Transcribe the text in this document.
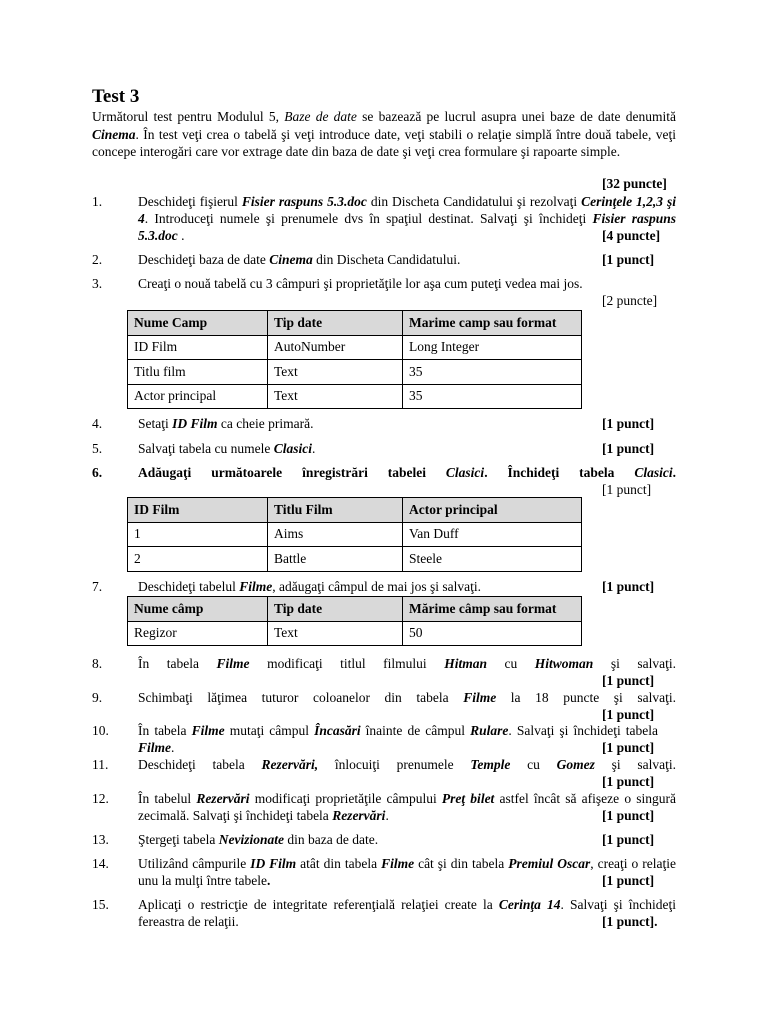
Test 3

Următorul test pentru Modulul 5, Baze de date se bazează pe lucrul asupra unei baze de date denumită Cinema. În test veţi crea o tabelă şi veţi introduce date, veţi stabili o relaţie simplă între două tabele, veţi concepe interogări care vor extrage date din baza de date şi veţi crea formulare şi rapoarte simple.

[32 puncte]
1.	Deschideţi fişierul Fisier raspuns 5.3.doc din Discheta Candidatului şi rezolvaţi Cerinţele 1,2,3 şi 4. Introduceţi numele şi prenumele dvs în spaţiul destinat. Salvaţi şi închideţi Fisier raspuns 5.3.doc .	[4 puncte]
2.	Deschideţi baza de date Cinema din Discheta Candidatului.	[1 punct]
3.	Creaţi o nouă tabelă cu 3 câmpuri şi proprietăţile lor aşa cum puteţi vedea mai jos.
[2 puncte]
Nume Camp	Tip date	Marime camp sau format
ID Film	AutoNumber	Long Integer
Titlu film	Text	35
Actor principal	Text	35
4.	Setaţi ID Film ca cheie primară.	[1 punct]
5.	Salvaţi tabela cu numele Clasici.	[1 punct]
6.	Adăugaţi următoarele înregistrări tabelei Clasici. Închideţi tabela Clasici.
[1 punct]
ID Film	Titlu Film	Actor principal
1	Aims	Van Duff
2	Battle	Steele
7.	Deschideţi tabelul Filme, adăugaţi câmpul de mai jos şi salvaţi.	[1 punct]
Nume câmp	Tip date	Mărime câmp sau format
Regizor	Text	50
8.	În tabela Filme modificaţi titlul filmului Hitman cu Hitwoman şi salvaţi.
[1 punct]
9.	Schimbaţi lăţimea tuturor coloanelor din tabela Filme la 18 puncte şi salvaţi.
[1 punct]
10. În tabela Filme mutaţi câmpul Încasări înainte de câmpul Rulare. Salvaţi şi închideţi tabela Filme.	[1 punct]
11. Deschideţi tabela Rezervări, înlocuiţi prenumele Temple cu Gomez şi salvaţi.
[1 punct]
12. În tabelul Rezervări modificaţi proprietăţile câmpului Preţ bilet astfel încât să afişeze o singură zecimală. Salvaţi şi închideţi tabela Rezervări.	[1 punct]
13. Ştergeţi tabela Nevizionate din baza de date.	[1 punct]
14. Utilizând câmpurile ID Film atât din tabela Filme cât şi din tabela Premiul Oscar, creaţi o relaţie unu la mulţi între tabele.	[1 punct]
15. Aplicaţi o restricţie de integritate referenţială relaţiei create la Cerinţa 14. Salvaţi şi închideţi fereastra de relaţii.	[1 punct].
